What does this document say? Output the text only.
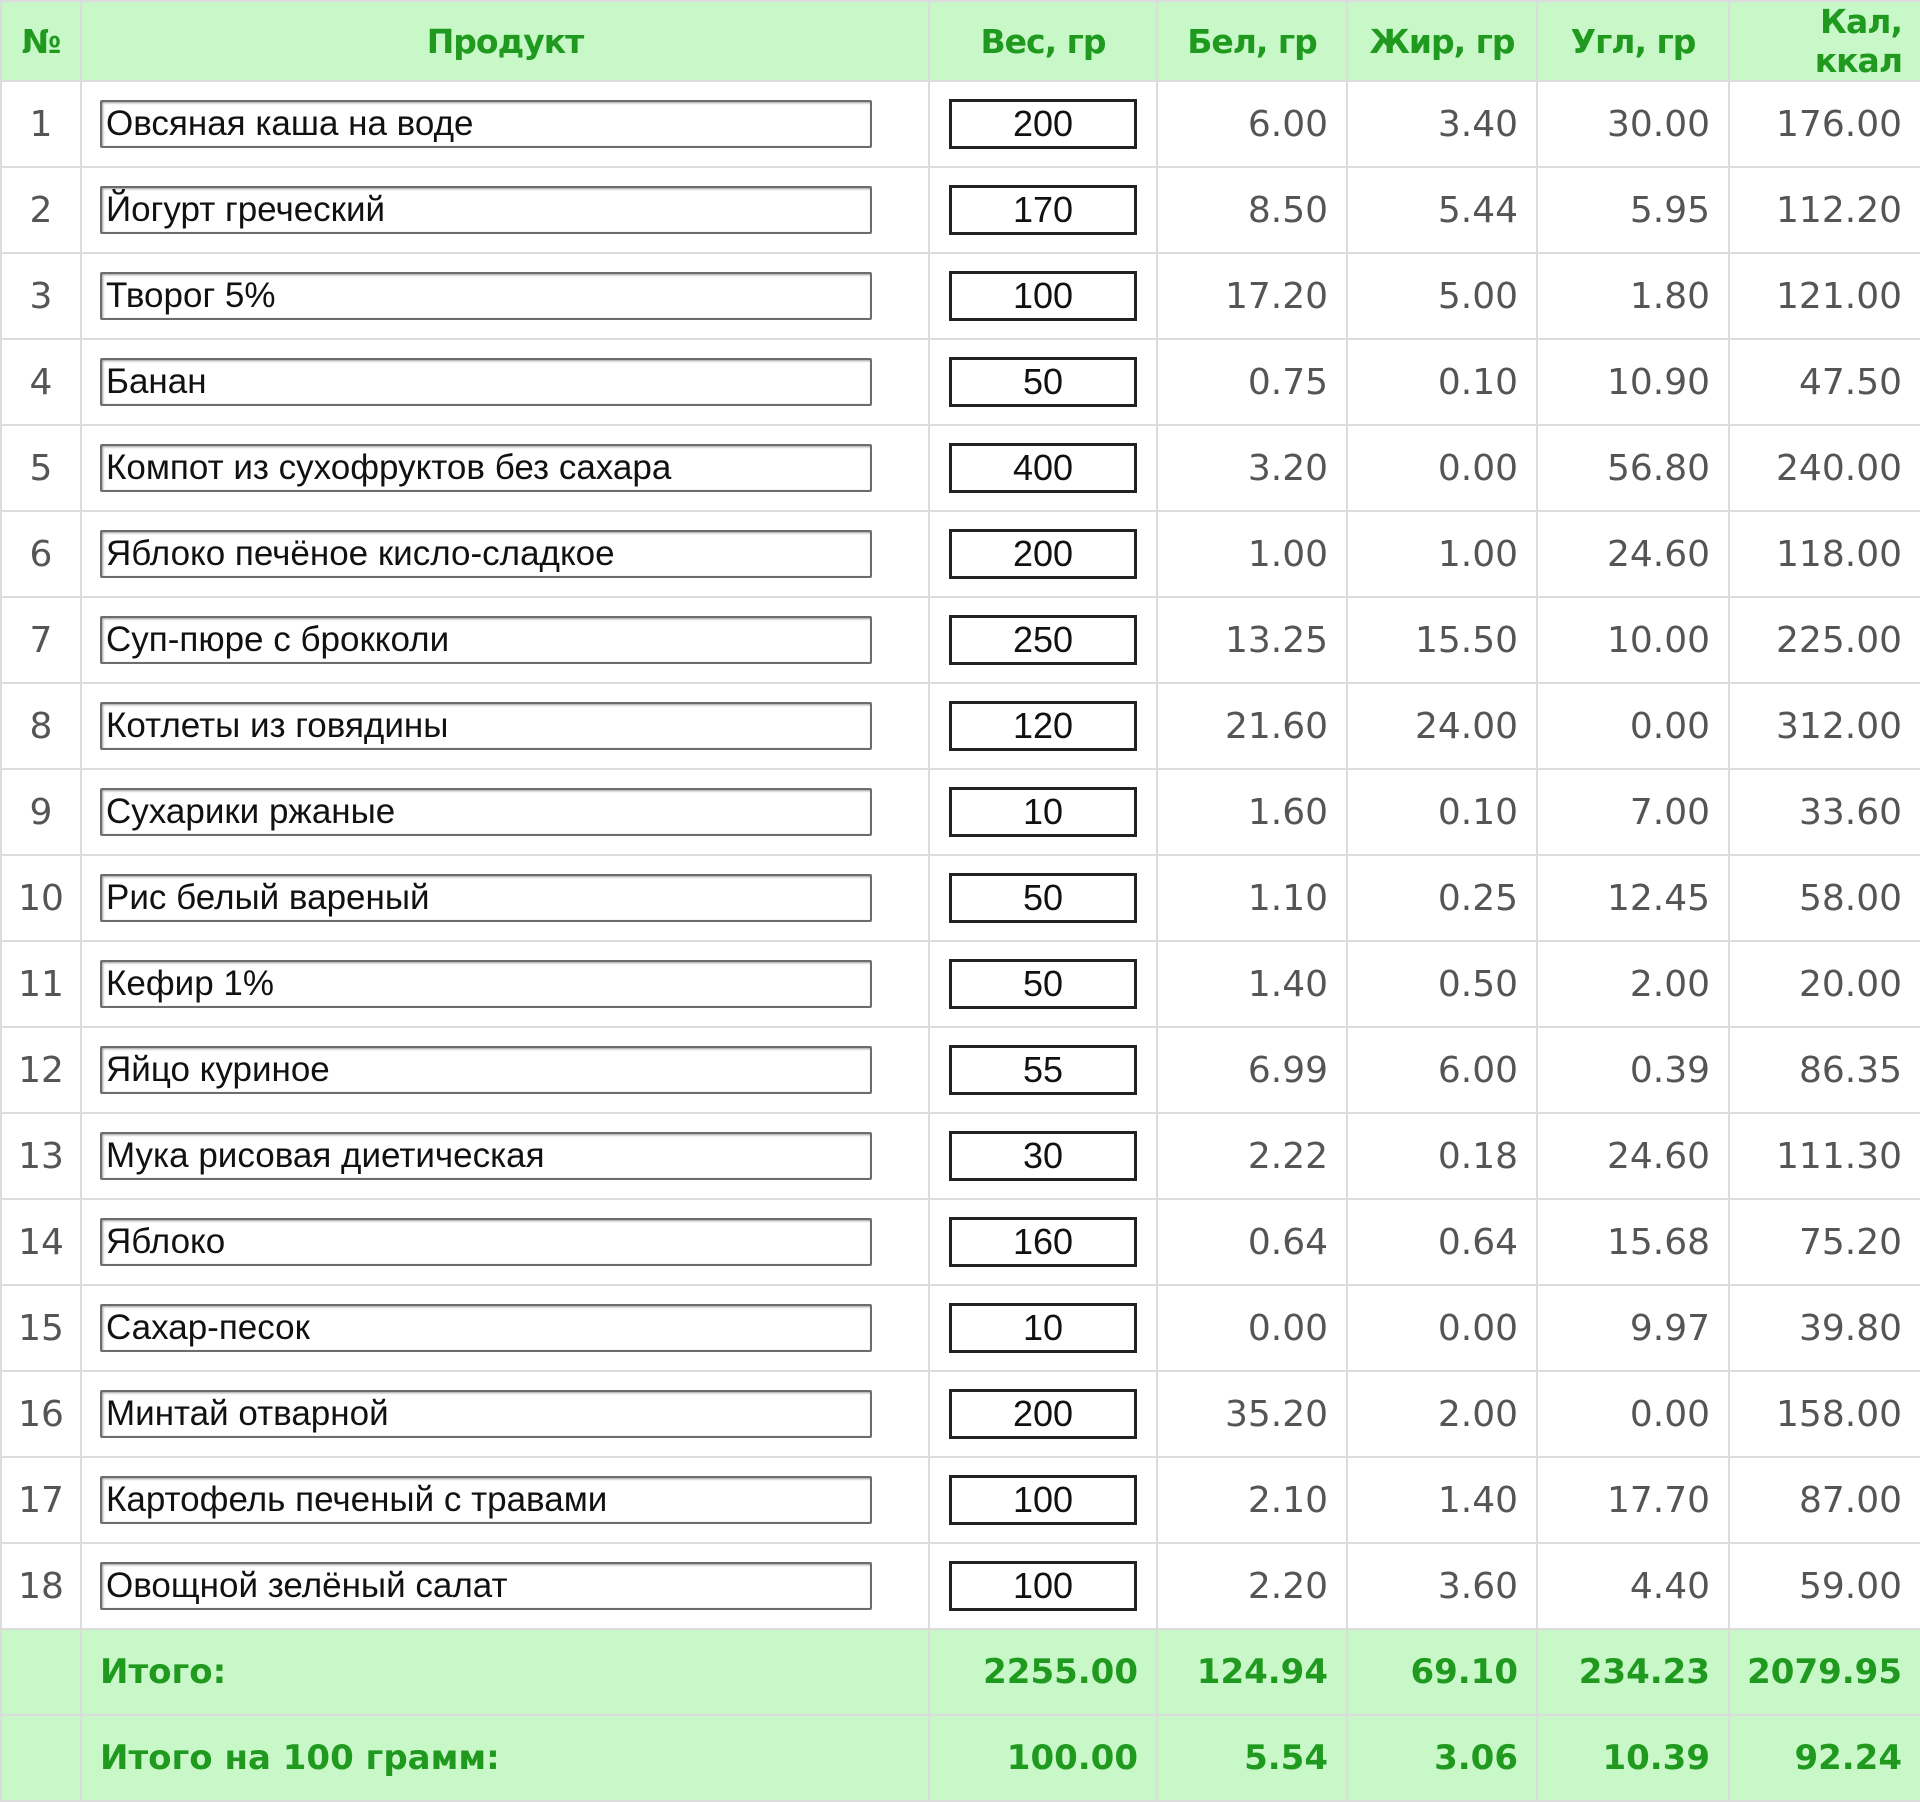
№	Продукт	Вес, гр	Бел, гр	Жир, гр	Угл, гр	Кал, ккал
1	Овсяная каша на воде	200	6.00	3.40	30.00	176.00
2	Йогурт греческий	170	8.50	5.44	5.95	112.20
3	Творог 5%	100	17.20	5.00	1.80	121.00
4	Банан	50	0.75	0.10	10.90	47.50
5	Компот из сухофруктов без сахара	400	3.20	0.00	56.80	240.00
6	Яблоко печёное кисло-сладкое	200	1.00	1.00	24.60	118.00
7	Суп-пюре с брокколи	250	13.25	15.50	10.00	225.00
8	Котлеты из говядины	120	21.60	24.00	0.00	312.00
9	Сухарики ржаные	10	1.60	0.10	7.00	33.60
10	Рис белый вареный	50	1.10	0.25	12.45	58.00
11	Кефир 1%	50	1.40	0.50	2.00	20.00
12	Яйцо куриное	55	6.99	6.00	0.39	86.35
13	Мука рисовая диетическая	30	2.22	0.18	24.60	111.30
14	Яблоко	160	0.64	0.64	15.68	75.20
15	Сахар-песок	10	0.00	0.00	9.97	39.80
16	Минтай отварной	200	35.20	2.00	0.00	158.00
17	Картофель печеный с травами	100	2.10	1.40	17.70	87.00
18	Овощной зелёный салат	100	2.20	3.60	4.40	59.00
	Итого:	2255.00	124.94	69.10	234.23	2079.95
	Итого на 100 грамм:	100.00	5.54	3.06	10.39	92.24
